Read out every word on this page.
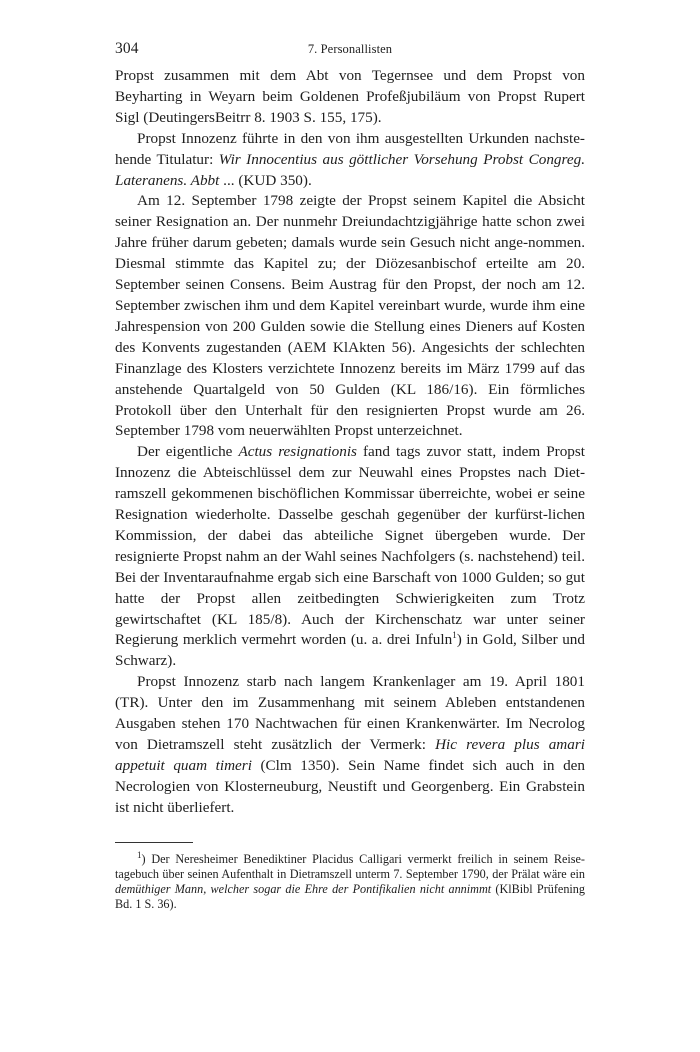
304	7. Personallisten

Propst zusammen mit dem Abt von Tegernsee und dem Propst von Beyharting in Weyarn beim Goldenen Profeßjubiläum von Propst Rupert Sigl (DeutingersBeitrr 8. 1903 S. 155, 175).

Propst Innozenz führte in den von ihm ausgestellten Urkunden nachste-hende Titulatur: Wir Innocentius aus göttlicher Vorsehung Probst Congreg. Lateranens. Abbt ... (KUD 350).

Am 12. September 1798 zeigte der Propst seinem Kapitel die Absicht seiner Resignation an. Der nunmehr Dreiundachtzigjährige hatte schon zwei Jahre früher darum gebeten; damals wurde sein Gesuch nicht ange-nommen. Diesmal stimmte das Kapitel zu; der Diözesanbischof erteilte am 20. September seinen Consens. Beim Austrag für den Propst, der noch am 12. September zwischen ihm und dem Kapitel vereinbart wurde, wurde ihm eine Jahrespension von 200 Gulden sowie die Stellung eines Dieners auf Kosten des Konvents zugestanden (AEM KlAkten 56). Angesichts der schlechten Finanzlage des Klosters verzichtete Innozenz bereits im März 1799 auf das anstehende Quartalgeld von 50 Gulden (KL 186/16). Ein förmliches Protokoll über den Unterhalt für den resignierten Propst wurde am 26. September 1798 vom neuerwählten Propst unterzeichnet.

Der eigentliche Actus resignationis fand tags zuvor statt, indem Propst Innozenz die Abteischlüssel dem zur Neuwahl eines Propstes nach Diet-ramszell gekommenen bischöflichen Kommissar überreichte, wobei er seine Resignation wiederholte. Dasselbe geschah gegenüber der kurfürst-lichen Kommission, der dabei das abteiliche Signet übergeben wurde. Der resignierte Propst nahm an der Wahl seines Nachfolgers (s. nachstehend) teil. Bei der Inventaraufnahme ergab sich eine Barschaft von 1000 Gulden; so gut hatte der Propst allen zeitbedingten Schwierigkeiten zum Trotz gewirtschaftet (KL 185/8). Auch der Kirchenschatz war unter seiner Regierung merklich vermehrt worden (u. a. drei Infuln$^1$) in Gold, Silber und Schwarz).

Propst Innozenz starb nach langem Krankenlager am 19. April 1801 (TR). Unter den im Zusammenhang mit seinem Ableben entstandenen Ausgaben stehen 170 Nachtwachen für einen Krankenwärter. Im Necrolog von Dietramszell steht zusätzlich der Vermerk: Hic revera plus amari appetuit quam timeri (Clm 1350). Sein Name findet sich auch in den Necrologien von Klosterneuburg, Neustift und Georgenberg. Ein Grabstein ist nicht überliefert.

$^1$) Der Neresheimer Benediktiner Placidus Calligari vermerkt freilich in seinem Reise-tagebuch über seinen Aufenthalt in Dietramszell unterm 7. September 1790, der Prälat wäre ein demüthiger Mann, welcher sogar die Ehre der Pontifikalien nicht annimmt (KlBibl Prüfening Bd. 1 S. 36).
